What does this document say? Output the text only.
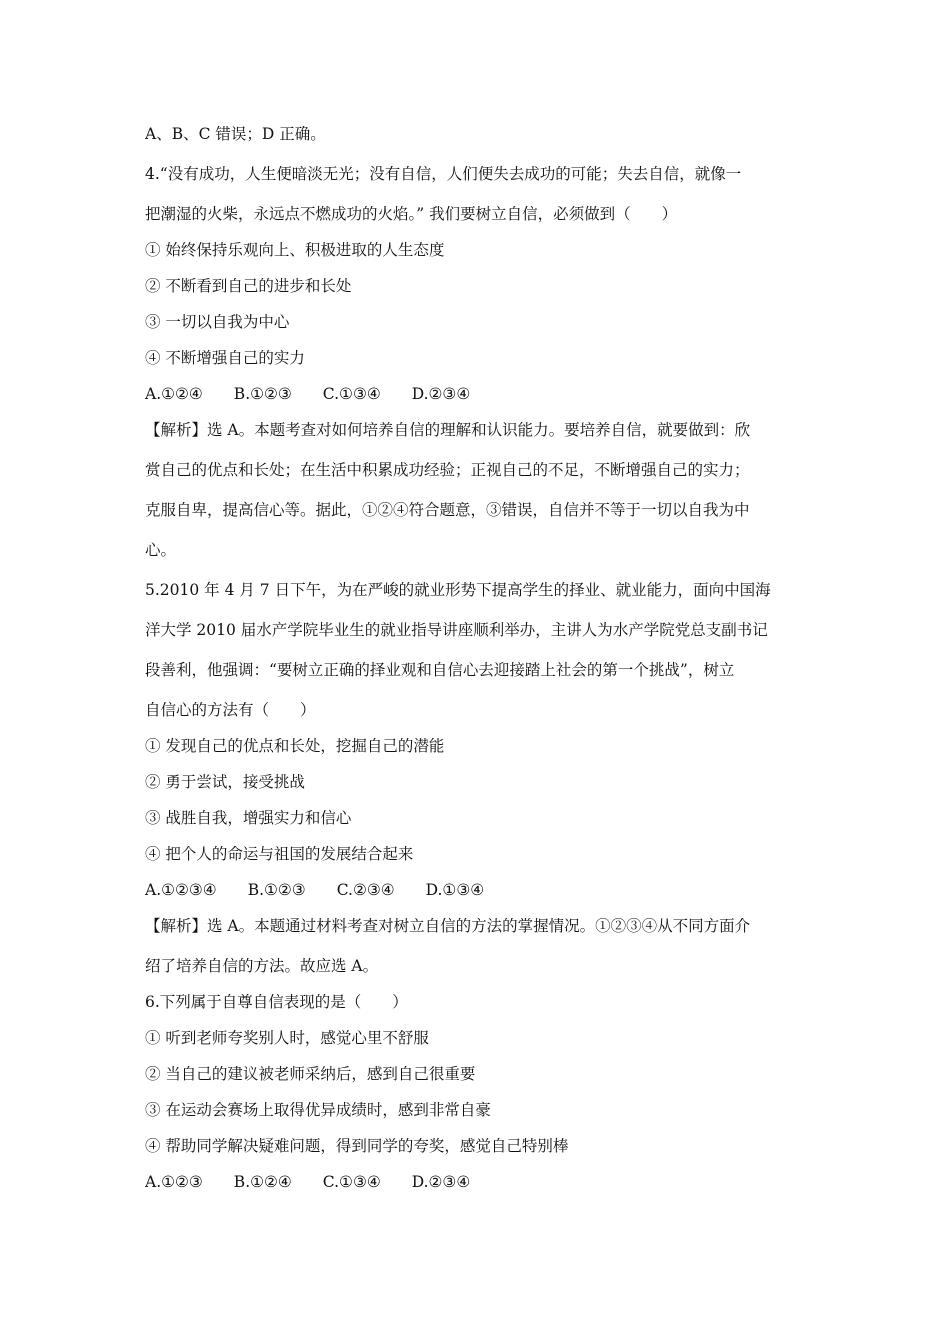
A、B、C 错误；D 正确。
4.“没有成功，人生便暗淡无光；没有自信，人们便失去成功的可能；失去自信，就像一
把潮湿的火柴，永远点不燃成功的火焰。” 我们要树立自信，必须做到（　　）
① 始终保持乐观向上、积极进取的人生态度
② 不断看到自己的进步和长处
③ 一切以自我为中心
④ 不断增强自己的实力
A.①②④　　B.①②③　　C.①③④　　D.②③④
【解析】选 A。本题考查对如何培养自信的理解和认识能力。要培养自信，就要做到：欣
赏自己的优点和长处；在生活中积累成功经验；正视自己的不足，不断增强自己的实力；
克服自卑，提高信心等。据此，①②④符合题意，③错误，自信并不等于一切以自我为中
心。
5.2010 年 4 月 7 日下午，为在严峻的就业形势下提高学生的择业、就业能力，面向中国海
洋大学 2010 届水产学院毕业生的就业指导讲座顺利举办，主讲人为水产学院党总支副书记
段善利，他强调：“要树立正确的择业观和自信心去迎接踏上社会的第一个挑战”，树立
自信心的方法有（　　）
① 发现自己的优点和长处，挖掘自己的潜能
② 勇于尝试，接受挑战
③ 战胜自我，增强实力和信心
④ 把个人的命运与祖国的发展结合起来
A.①②③④　　B.①②③　　C.②③④　　D.①③④
【解析】选 A。本题通过材料考查对树立自信的方法的掌握情况。①②③④从不同方面介
绍了培养自信的方法。故应选 A。
6.下列属于自尊自信表现的是（　　）
① 听到老师夸奖别人时，感觉心里不舒服
② 当自己的建议被老师采纳后，感到自己很重要
③ 在运动会赛场上取得优异成绩时，感到非常自豪
④ 帮助同学解决疑难问题，得到同学的夸奖，感觉自己特别棒
A.①②③　　B.①②④　　C.①③④　　D.②③④
